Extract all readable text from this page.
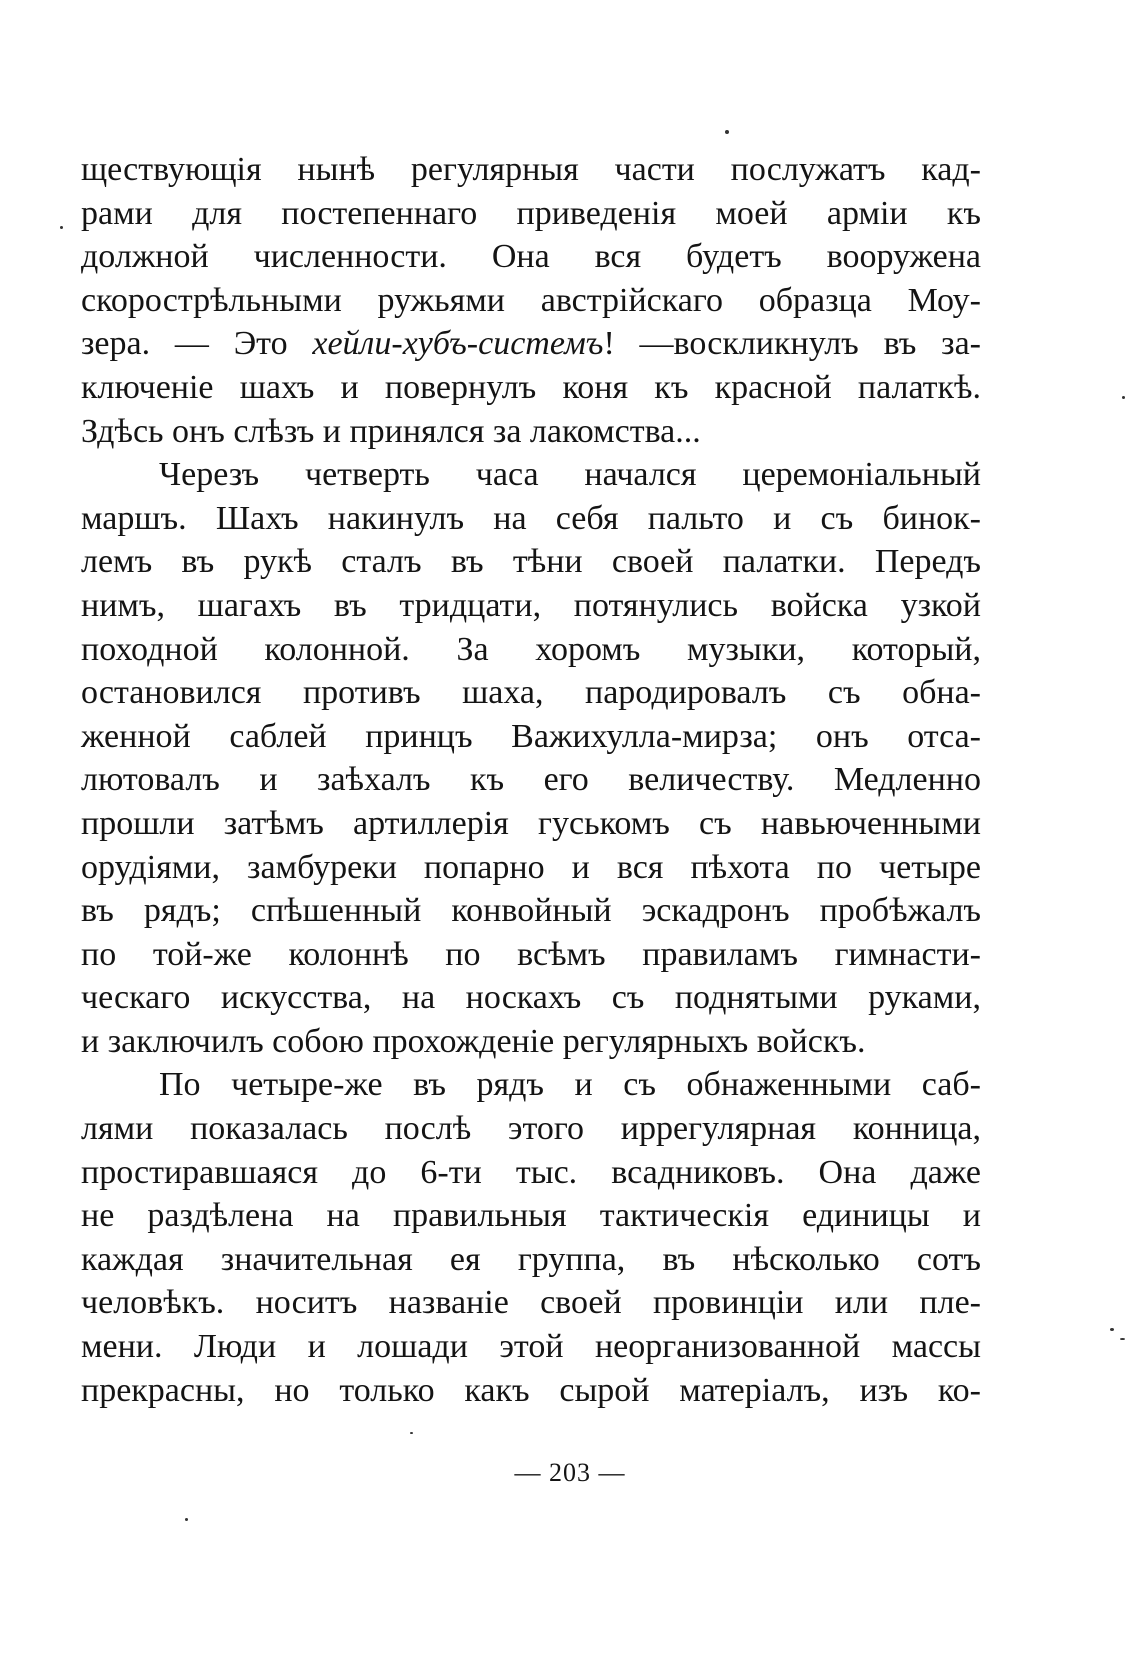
ществующія нынѣ регулярныя части послужатъ кад-
рами для постепеннаго приведенія моей арміи къ
должной численности. Она вся будетъ вооружена
скорострѣльными ружьями австрійскаго образца Моу-
зера. — Это хейли-хубъ-системъ! —воскликнулъ въ за-
ключеніе шахъ и повернулъ коня къ красной палаткѣ.
Здѣсь онъ слѣзъ и принялся за лакомства...
Черезъ четверть часа начался церемоніальный
маршъ. Шахъ накинулъ на себя пальто и съ бинок-
лемъ въ рукѣ сталъ въ тѣни своей палатки. Передъ
нимъ, шагахъ въ тридцати, потянулись войска узкой
походной колонной. За хоромъ музыки, который,
остановился противъ шаха, пародировалъ съ обна-
женной саблей принцъ Важихулла-мирза; онъ отса-
лютовалъ и заѣхалъ къ его величеству. Медленно
прошли затѣмъ артиллерія гуськомъ съ навьюченными
орудіями, замбуреки попарно и вся пѣхота по четыре
въ рядъ; спѣшенный конвойный эскадронъ пробѣжалъ
по той-же колоннѣ по всѣмъ правиламъ гимнасти-
ческаго искусства, на носкахъ съ поднятыми руками,
и заключилъ собою прохожденіе регулярныхъ войскъ.
По четыре-же въ рядъ и съ обнаженными саб-
лями показалась послѣ этого иррегулярная конница,
простиравшаяся до 6-ти тыс. всадниковъ. Она даже
не раздѣлена на правильныя тактическія единицы и
каждая значительная ея группа, въ нѣсколько сотъ
человѣкъ. носитъ названіе своей провинціи или пле-
мени. Люди и лошади этой неорганизованной массы
прекрасны, но только какъ сырой матеріалъ, изъ ко-
— 203 —
